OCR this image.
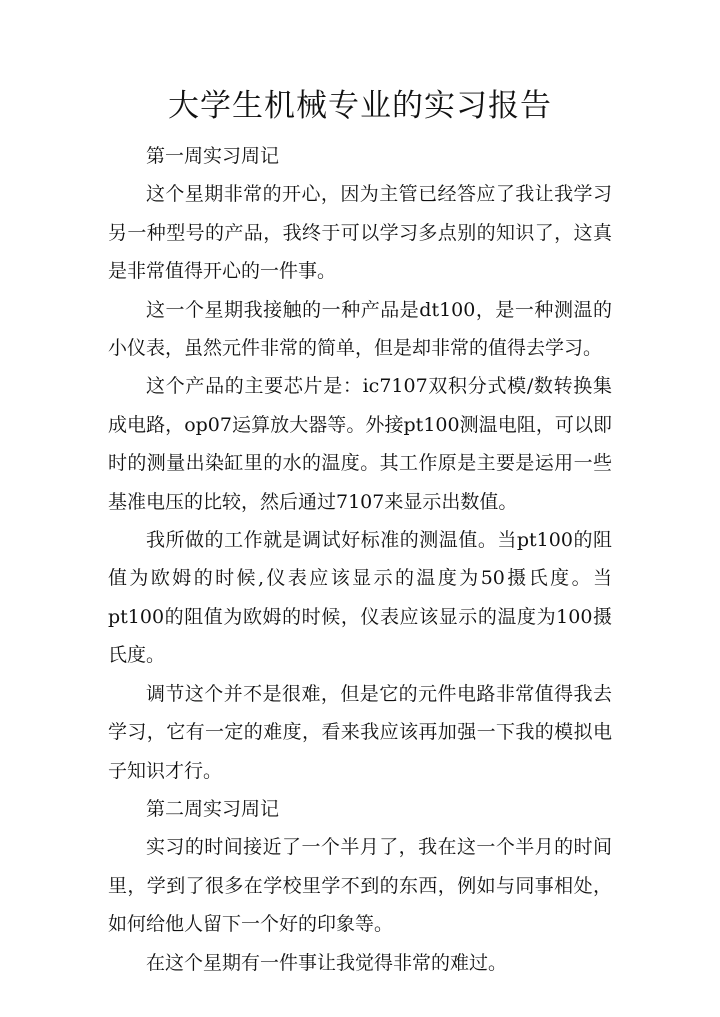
大学生机械专业的实习报告

第一周实习周记

这个星期非常的开心，因为主管已经答应了我让我学习另一种型号的产品，我终于可以学习多点别的知识了，这真是非常值得开心的一件事。

这一个星期我接触的一种产品是dt100，是一种测温的小仪表，虽然元件非常的简单，但是却非常的值得去学习。

这个产品的主要芯片是：ic7107双积分式模/数转换集成电路，op07运算放大器等。外接pt100测温电阻，可以即时的测量出染缸里的水的温度。其工作原是主要是运用一些基准电压的比较，然后通过7107来显示出数值。

我所做的工作就是调试好标准的测温值。当pt100的阻值为欧姆的时候,仪表应该显示的温度为50摄氏度。当pt100的阻值为欧姆的时候，仪表应该显示的温度为100摄氏度。

调节这个并不是很难，但是它的元件电路非常值得我去学习，它有一定的难度，看来我应该再加强一下我的模拟电子知识才行。

第二周实习周记

实习的时间接近了一个半月了，我在这一个半月的时间里，学到了很多在学校里学不到的东西，例如与同事相处，如何给他人留下一个好的印象等。

在这个星期有一件事让我觉得非常的难过。
